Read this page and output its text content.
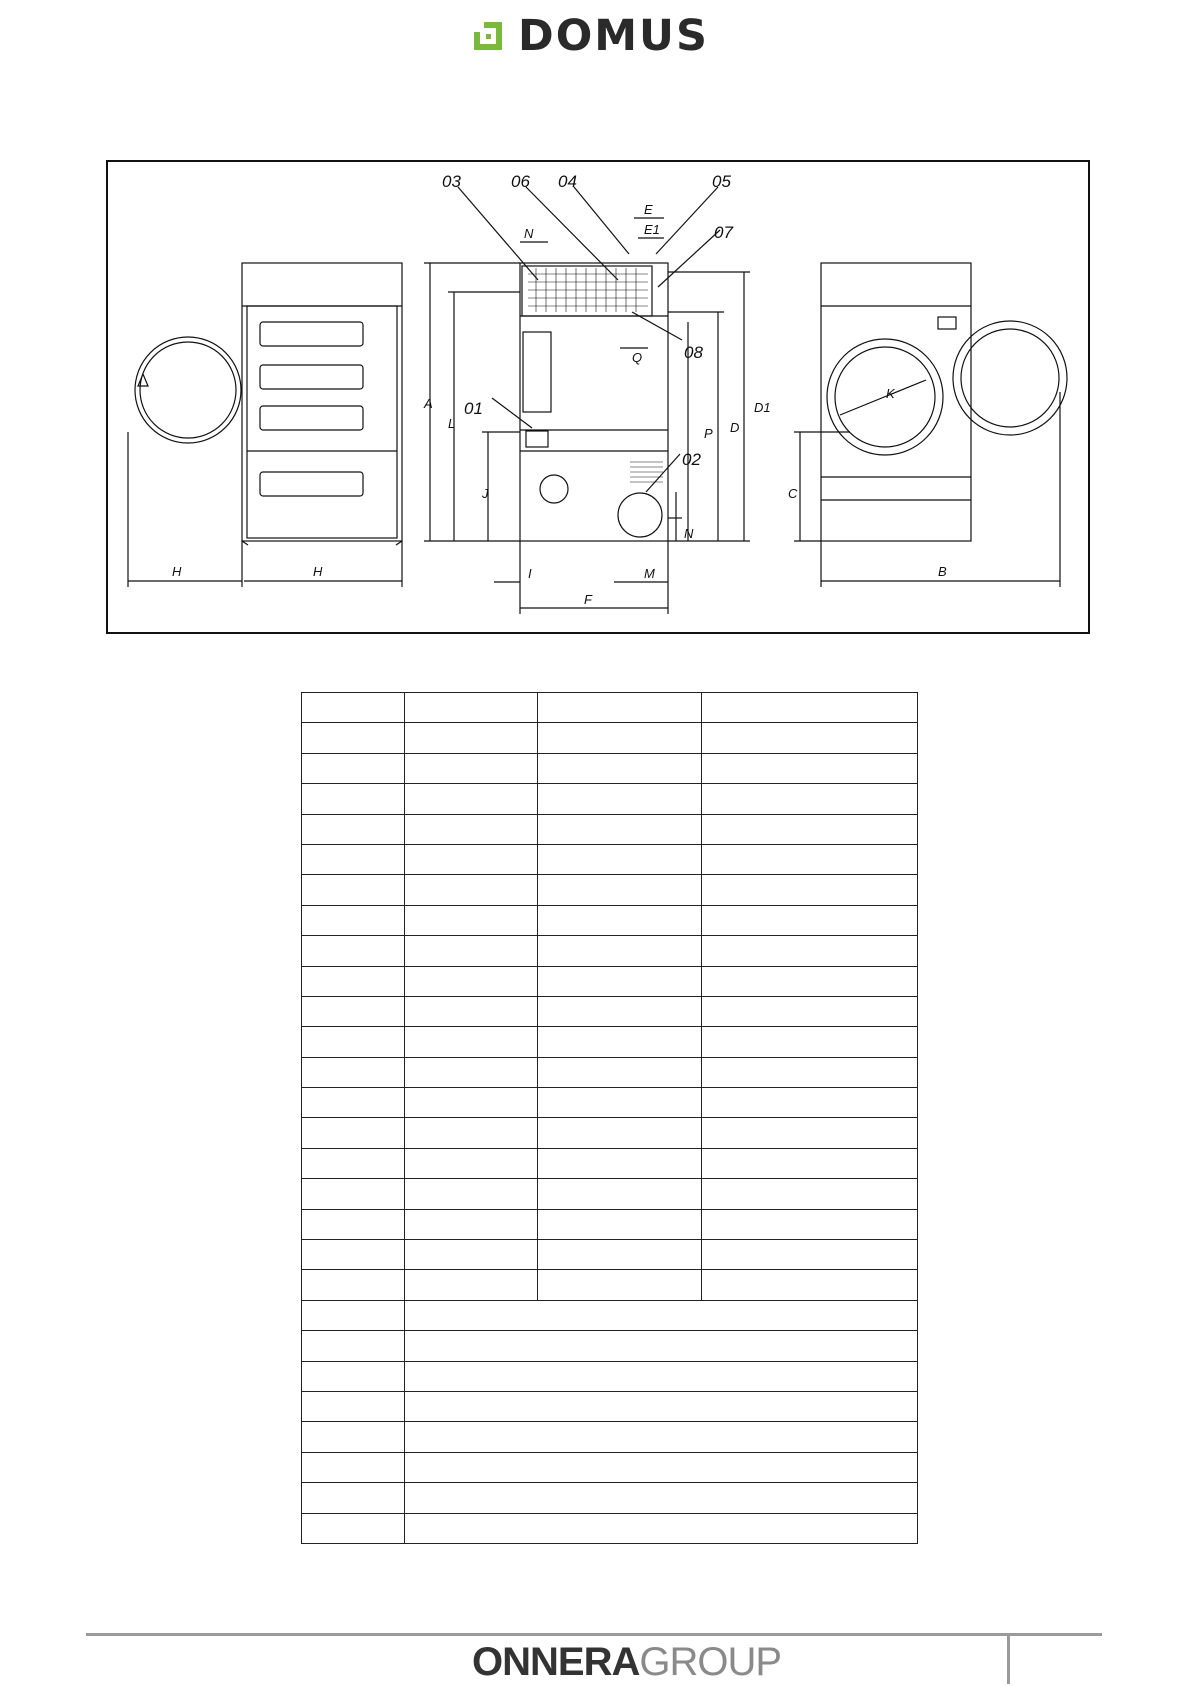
DOMUS
03	06 04	05
07
08
01
02
H	H
N
E
E1
Q
A
L
J
P D
D1
N
I	M
F
C
K
B

ONNERAGROUP
